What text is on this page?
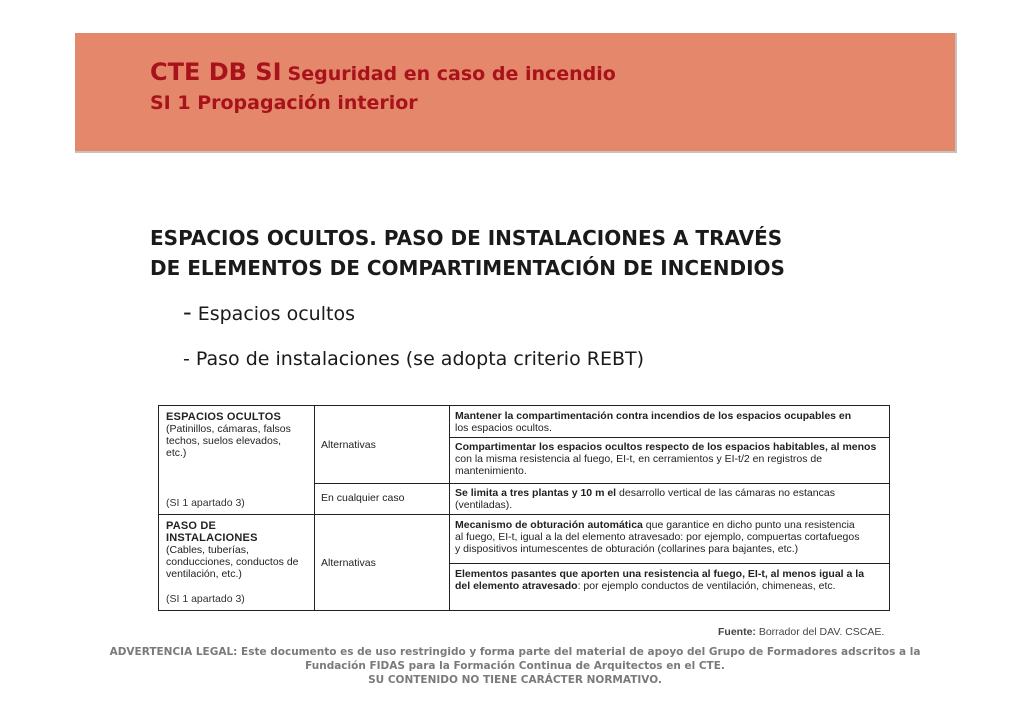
CTE DB SI Seguridad en caso de incendio
SI 1 Propagación interior
ESPACIOS OCULTOS. PASO DE INSTALACIONES A TRAVÉS
DE ELEMENTOS DE COMPARTIMENTACIÓN DE INCENDIOS
- Espacios ocultos
- Paso de instalaciones (se adopta criterio REBT)
ESPACIOS OCULTOS
(Patinillos, cámaras, falsos
techos, suelos elevados,
etc.)
(SI 1 apartado 3)
Alternativas
En cualquier caso

Mantener la compartimentación contra incendios de los espacios ocupables en

los espacios ocultos.

Compartimentar los espacios ocultos respecto de los espacios habitables, al menos

con la misma resistencia al fuego, EI-t, en cerramientos y EI-t/2 en registros de

mantenimiento.

Se limita a tres plantas y 10 m el desarrollo vertical de las cámaras no estancas

(ventiladas).

PASO DE
INSTALACIONES
(Cables, tuberías,
conducciones, conductos de
ventilación, etc.)
(SI 1 apartado 3)
Alternativas

Mecanismo de obturación automática que garantice en dicho punto una resistencia

al fuego, EI-t, igual a la del elemento atravesado: por ejemplo, compuertas cortafuegos

y dispositivos intumescentes de obturación (collarines para bajantes, etc.)

Elementos pasantes que aporten una resistencia al fuego, EI-t, al menos igual a la

del elemento atravesado: por ejemplo conductos de ventilación, chimeneas, etc.

Fuente: Borrador del DAV. CSCAE.
ADVERTENCIA LEGAL: Este documento es de uso restringido y forma parte del material de apoyo del Grupo de Formadores adscritos a la
Fundación FIDAS para la Formación Continua de Arquitectos en el CTE.
SU CONTENIDO NO TIENE CARÁCTER NORMATIVO.
